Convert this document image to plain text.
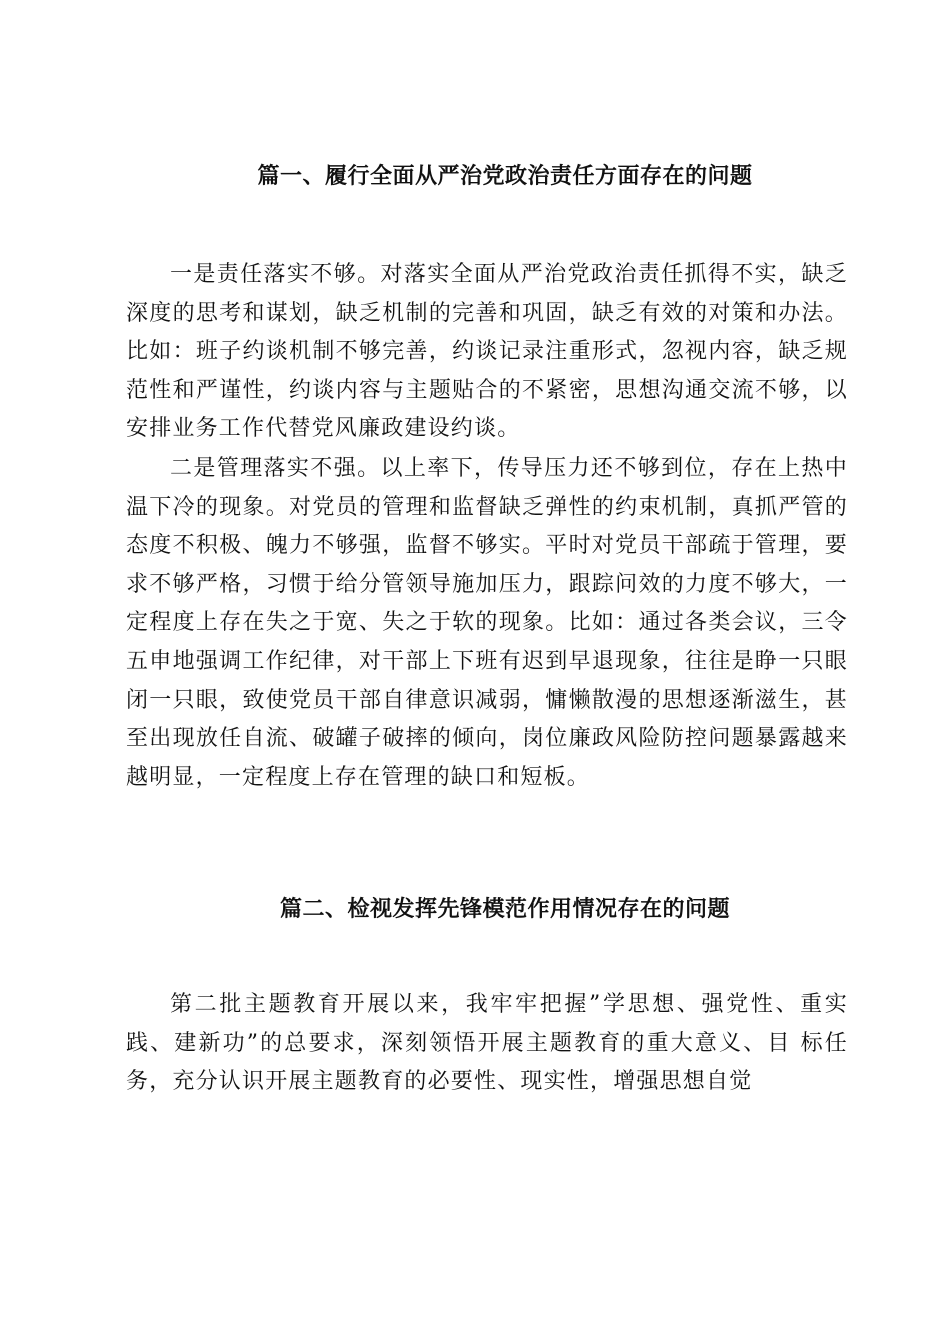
篇一、履行全面从严治党政治责任方面存在的问题

一是责任落实不够。对落实全面从严治党政治责任抓得不实，缺乏深度的思考和谋划，缺乏机制的完善和巩固，缺乏有效的对策和办法。比如：班子约谈机制不够完善，约谈记录注重形式，忽视内容，缺乏规范性和严谨性，约谈内容与主题贴合的不紧密，思想沟通交流不够，以安排业务工作代替党风廉政建设约谈。

二是管理落实不强。以上率下，传导压力还不够到位，存在上热中温下冷的现象。对党员的管理和监督缺乏弹性的约束机制，真抓严管的态度不积极、魄力不够强，监督不够实。平时对党员干部疏于管理，要求不够严格，习惯于给分管领导施加压力，跟踪问效的力度不够大，一定程度上存在失之于宽、失之于软的现象。比如：通过各类会议，三令五申地强调工作纪律，对干部上下班有迟到早退现象，往往是睁一只眼闭一只眼，致使党员干部自律意识减弱，慵懒散漫的思想逐渐滋生，甚至出现放任自流、破罐子破摔的倾向，岗位廉政风险防控问题暴露越来越明显，一定程度上存在管理的缺口和短板。

篇二、检视发挥先锋模范作用情况存在的问题

第二批主题教育开展以来，我牢牢把握”学思想、强党性、重实践、建新功”的总要求，深刻领悟开展主题教育的重大意义、目 标任务，充分认识开展主题教育的必要性、现实性，增强思想自觉
